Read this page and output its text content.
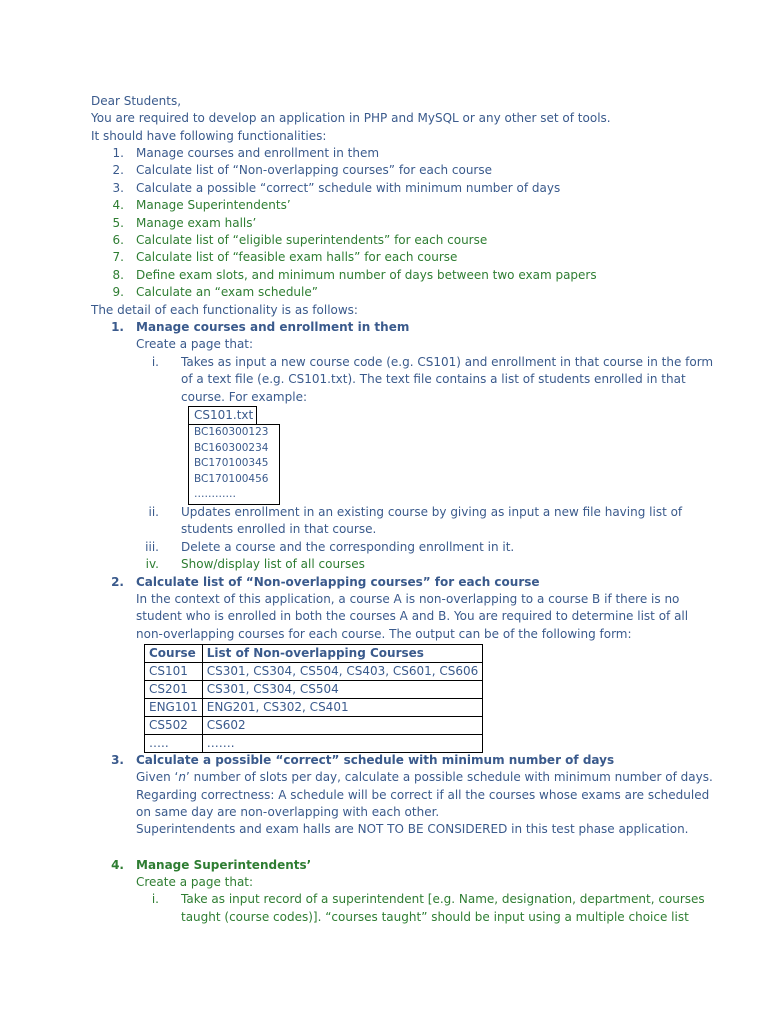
Dear Students,
You are required to develop an application in PHP and MySQL or any other set of tools.
It should have following functionalities:
1. Manage courses and enrollment in them
2. Calculate list of “Non-overlapping courses” for each course
3. Calculate a possible “correct” schedule with minimum number of days
4. Manage Superintendents’
5. Manage exam halls’
6. Calculate list of “eligible superintendents” for each course
7. Calculate list of “feasible exam halls” for each course
8. Define exam slots, and minimum number of days between two exam papers
9. Calculate an “exam schedule”
The detail of each functionality is as follows:
1. Manage courses and enrollment in them
Create a page that:
i. Takes as input a new course code (e.g. CS101) and enrollment in that course in the form
of a text file (e.g. CS101.txt). The text file contains a list of students enrolled in that
course. For example:
CS101.txt
BC160300123
BC160300234
BC170100345
BC170100456
…………
ii. Updates enrollment in an existing course by giving as input a new file having list of
students enrolled in that course.
iii. Delete a course and the corresponding enrollment in it.
iv. Show/display list of all courses
2. Calculate list of “Non-overlapping courses” for each course
In the context of this application, a course A is non-overlapping to a course B if there is no
student who is enrolled in both the courses A and B. You are required to determine list of all
non-overlapping courses for each course. The output can be of the following form:
Course	List of Non-overlapping Courses
CS101	CS301, CS304, CS504, CS403, CS601, CS606
CS201	CS301, CS304, CS504
ENG101	ENG201, CS302, CS401
CS502	CS602
…..	…….
3. Calculate a possible “correct” schedule with minimum number of days
Given ‘n’ number of slots per day, calculate a possible schedule with minimum number of days.
Regarding correctness: A schedule will be correct if all the courses whose exams are scheduled
on same day are non-overlapping with each other.
Superintendents and exam halls are NOT TO BE CONSIDERED in this test phase application.
4. Manage Superintendents’
Create a page that:
i. Take as input record of a superintendent [e.g. Name, designation, department, courses
taught (course codes)]. “courses taught” should be input using a multiple choice list
